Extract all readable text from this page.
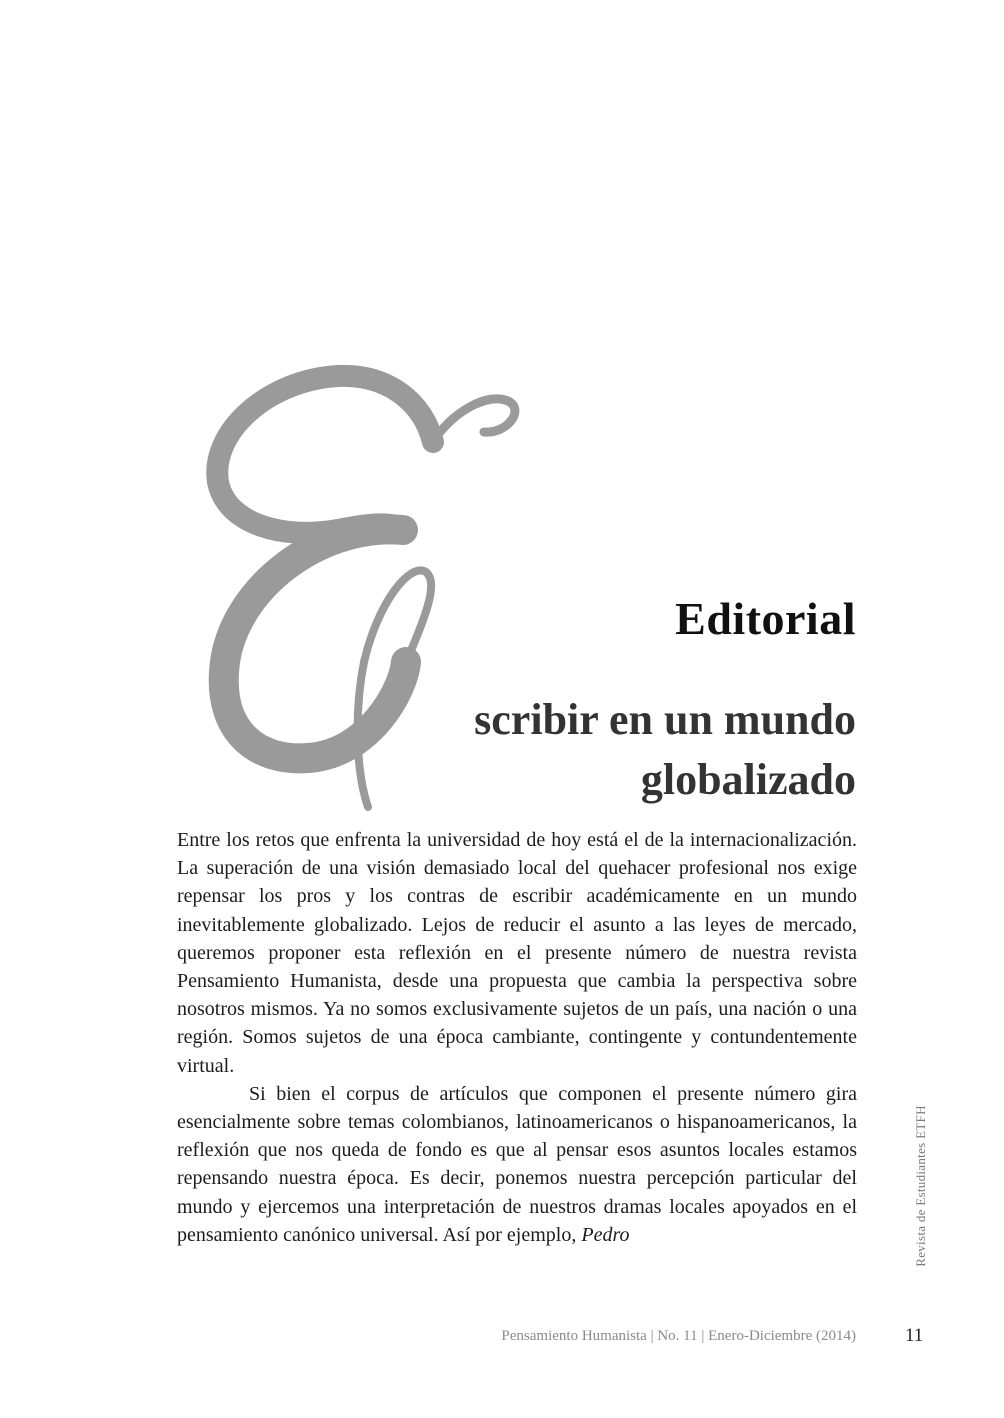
Editorial
scribir en un mundo
globalizado

Entre los retos que enfrenta la universidad de hoy está el de la internacionalización. La superación de una visión demasiado local del quehacer profesional nos exige repensar los pros y los contras de escribir académicamente en un mundo inevitablemente globalizado. Lejos de reducir el asunto a las leyes de mercado, queremos proponer esta reflexión en el presente número de nuestra revista Pensamiento Humanista, desde una propuesta que cambia la perspectiva sobre nosotros mismos. Ya no somos exclusivamente sujetos de un país, una nación o una región. Somos sujetos de una época cambiante, contingente y contundentemente virtual.

Si bien el corpus de artículos que componen el presente número gira esencialmente sobre temas colombianos, latinoamericanos o hispanoamericanos, la reflexión que nos queda de fondo es que al pensar esos asuntos locales estamos repensando nuestra época. Es decir, ponemos nuestra percepción particular del mundo y ejercemos una interpretación de nuestros dramas locales apoyados en el pensamiento canónico universal. Así por ejemplo, Pedro	Revista de Estudiantes ETFH
Pensamiento Humanista | No. 11 | Enero-Diciembre (2014)	11
